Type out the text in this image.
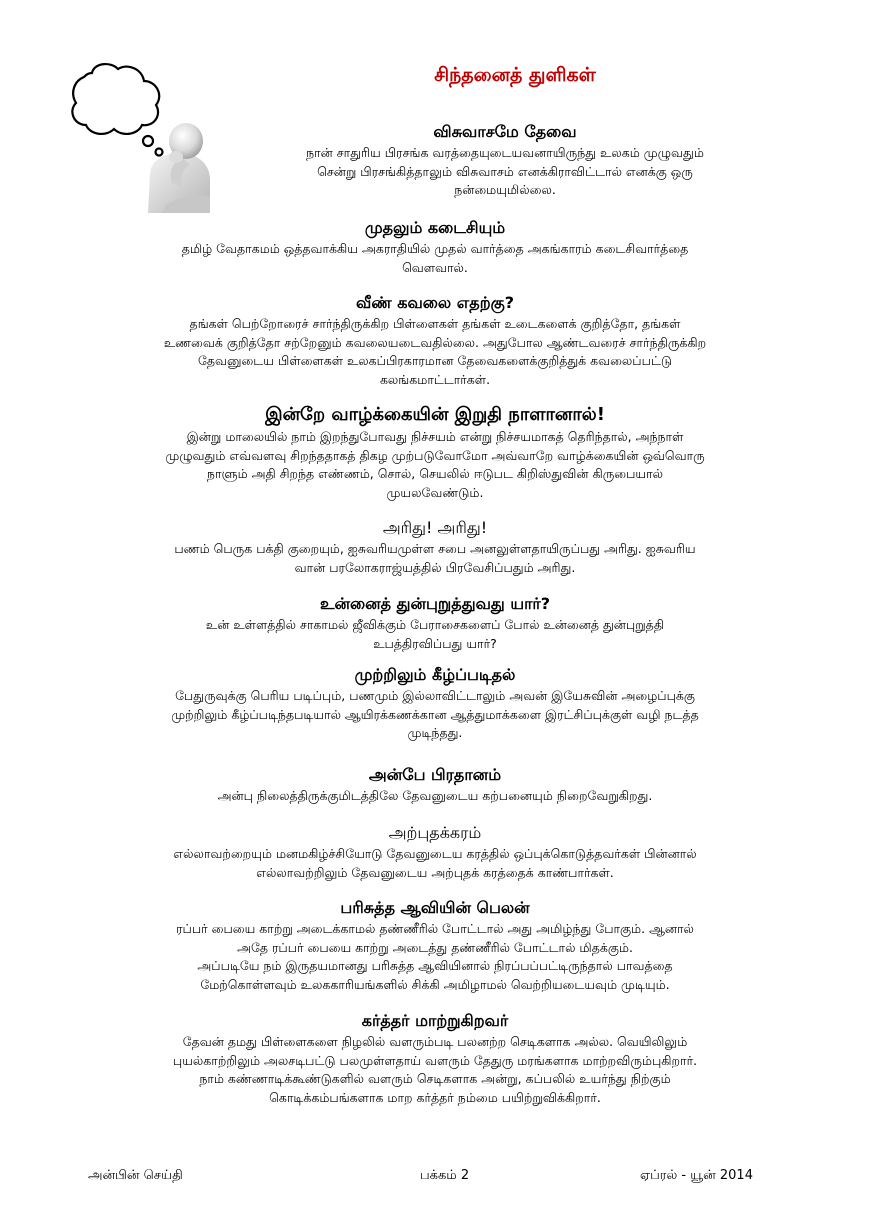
சிந்தனைத் துளிகள்
விசுவாசமே தேவை
நான் சாதுரிய பிரசங்க வரத்தையுடையவனாயிருந்து உலகம் முழுவதும்
சென்று பிரசங்கித்தாலும் விசுவாசம் எனக்கிராவிட்டால் எனக்கு ஒரு
நன்மையுமில்லை.
முதலும் கடைசியும்
தமிழ் வேதாகமம் ஒத்தவாக்கிய அகராதியில் முதல் வார்த்தை அகங்காரம் கடைசிவார்த்தை
வௌவால்.
வீண் கவலை எதற்கு?
தங்கள் பெற்றோரைச் சார்ந்திருக்கிற பிள்ளைகள் தங்கள் உடைகளைக் குறித்தோ, தங்கள்
உணவைக் குறித்தோ சற்றேனும் கவலையடைவதில்லை. அதுபோல ஆண்டவரைச் சார்ந்திருக்கிற
தேவனுடைய பிள்ளைகள் உலகப்பிரகாரமான தேவைகளைக்குறித்துக் கவலைப்பட்டு
கலங்கமாட்டார்கள்.
இன்றே வாழ்க்கையின் இறுதி நாளானால்!
இன்று மாலையில் நாம் இறந்துபோவது நிச்சயம் என்று நிச்சயமாகத் தெரிந்தால், அந்நாள்
முழுவதும் எவ்வளவு சிறந்ததாகத் திகழ முற்படுவோமோ அவ்வாறே வாழ்க்கையின் ஒவ்வொரு
நாளும் அதி சிறந்த எண்ணம், சொல், செயலில் ஈடுபட கிறிஸ்துவின் கிருபையால்
முயலவேண்டும்.
அரிது! அரிது!
பணம் பெருக பக்தி குறையும், ஐசுவரியமுள்ள சபை அனலுள்ளதாயிருப்பது அரிது. ஐசுவரிய
வான் பரலோகராஜ்யத்தில் பிரவேசிப்பதும் அரிது.
உன்னைத் துன்புறுத்துவது யார்?
உன் உள்ளத்தில் சாகாமல் ஜீவிக்கும் பேராசைகளைப் போல் உன்னைத் துன்புறுத்தி
உபத்திரவிப்பது யார்?
முற்றிலும் கீழ்ப்படிதல்
பேதுருவுக்கு பெரிய படிப்பும், பணமும் இல்லாவிட்டாலும் அவன் இயேசுவின் அழைப்புக்கு
முற்றிலும் கீழ்ப்படிந்தபடியால் ஆயிரக்கணக்கான ஆத்துமாக்களை இரட்சிப்புக்குள் வழி நடத்த
முடிந்தது.
அன்பே பிரதானம்
அன்பு நிலைத்திருக்குமிடத்திலே தேவனுடைய கற்பனையும் நிறைவேறுகிறது.
அற்புதக்கரம்
எல்லாவற்றையும் மனமகிழ்ச்சியோடு தேவனுடைய கரத்தில் ஒப்புக்கொடுத்தவர்கள் பின்னால்
எல்லாவற்றிலும் தேவனுடைய அற்புதக் கரத்தைக் காண்பார்கள்.
பரிசுத்த ஆவியின் பெலன்
ரப்பர் பையை காற்று அடைக்காமல் தண்ணீரில் போட்டால் அது அமிழ்ந்து போகும். ஆனால்
அதே ரப்பர் பையை காற்று அடைத்து தண்ணீரில் போட்டால் மிதக்கும்.
அப்படியே நம் இருதயமானது பரிசுத்த ஆவியினால் நிரப்பப்பட்டிருந்தால் பாவத்தை
மேற்கொள்ளவும் உலககாரியங்களில் சிக்கி அமிழாமல் வெற்றியடையவும் முடியும்.
கர்த்தர் மாற்றுகிறவர்
தேவன் தமது பிள்ளைகளை நிழலில் வளரும்படி பலனற்ற செடிகளாக அல்ல. வெயிலிலும்
புயல்காற்றிலும் அலசடிபட்டு பலமுள்ளதாய் வளரும் தேதுரு மரங்களாக மாற்றவிரும்புகிறார்.
நாம் கண்ணாடிக்கூண்டுகளில் வளரும் செடிகளாக அன்று, கப்பலில் உயர்ந்து நிற்கும்
கொடிக்கம்பங்களாக மாற கர்த்தர் நம்மை பயிற்றுவிக்கிறார்.
அன்பின் செய்தி	பக்கம் 2	ஏப்ரல் - யூன் 2014
